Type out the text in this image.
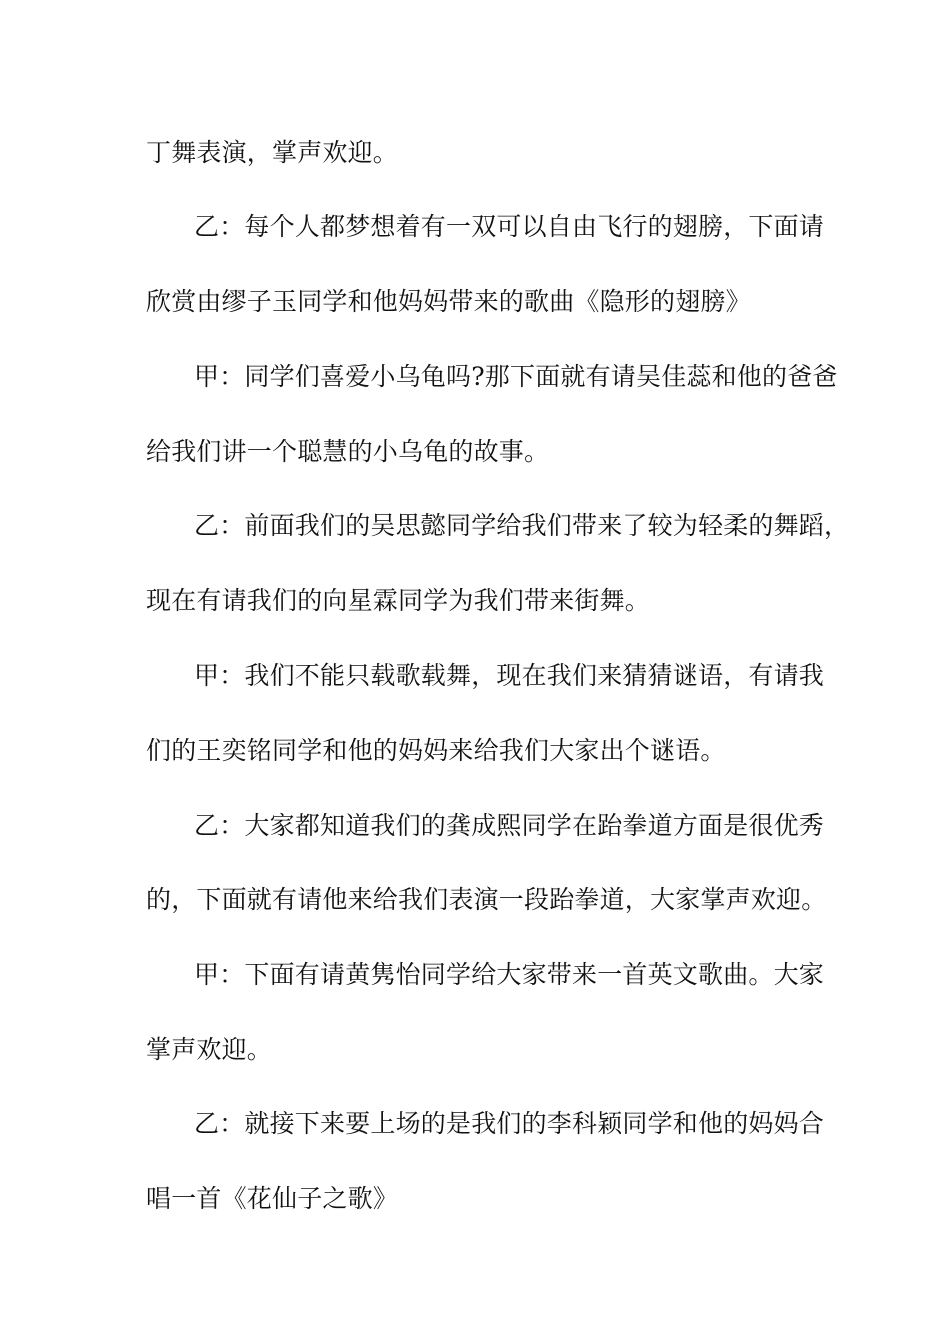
丁舞表演，掌声欢迎。
乙：每个人都梦想着有一双可以自由飞行的翅膀，下面请
欣赏由缪子玉同学和他妈妈带来的歌曲《隐形的翅膀》
甲：同学们喜爱小乌龟吗?那下面就有请吴佳蕊和他的爸爸
给我们讲一个聪慧的小乌龟的故事。
乙：前面我们的吴思懿同学给我们带来了较为轻柔的舞蹈，
现在有请我们的向星霖同学为我们带来街舞。
甲：我们不能只载歌载舞，现在我们来猜猜谜语，有请我
们的王奕铭同学和他的妈妈来给我们大家出个谜语。
乙：大家都知道我们的龚成熙同学在跆拳道方面是很优秀
的，下面就有请他来给我们表演一段跆拳道，大家掌声欢迎。
甲：下面有请黄隽怡同学给大家带来一首英文歌曲。大家
掌声欢迎。
乙：就接下来要上场的是我们的李科颖同学和他的妈妈合
唱一首《花仙子之歌》
